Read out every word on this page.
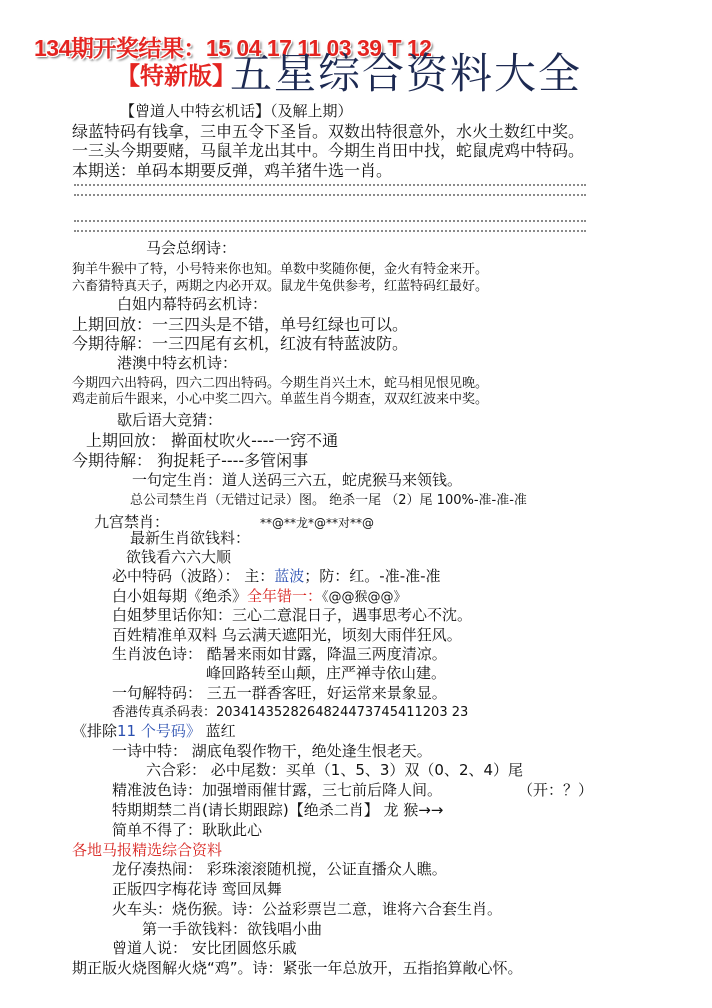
134期开奖结果：15 04 17 11 03 39 T 12
【特新版】
五星综合资料大全
【曾道人中特玄机话】（及解上期）
绿蓝特码有钱拿，三申五令下圣旨。双数出特很意外，水火土数红中奖。
一三头今期要赌，马鼠羊龙出其中。今期生肖田中找，蛇鼠虎鸡中特码。
本期送：单码本期要反弹，鸡羊猪牛选一肖。
马会总纲诗：
狗羊牛猴中了特，小号特来你也知。单数中奖随你便，金火有特金来开。
六畜猜特真天子，两期之内必开双。鼠龙牛兔供参考，红蓝特码红最好。
白姐内幕特码玄机诗：
上期回放：一三四头是不错，单号红绿也可以。
今期待解：一三四尾有玄机，红波有特蓝波防。
港澳中特玄机诗：
今期四六出特码，四六二四出特码。今期生肖兴土木，蛇马相见恨见晚。
鸡走前后牛跟来，小心中奖二四六。单蓝生肖今期查，双双红波来中奖。
歇后语大竞猜：
上期回放： 擀面杖吹火----一窍不通
今期待解： 狗捉耗子----多管闲事
一句定生肖：道人送码三六五，蛇虎猴马来领钱。
总公司禁生肖（无错过记录）图。 绝杀一尾 （2）尾 100%-准-准-准
九宫禁肖：	**@**龙*@**对**@
最新生肖欲钱料：
欲钱看六六大顺
必中特码（波路）： 主：蓝波；防：红。-准-准-准
白小姐每期《绝杀》全年错一：《@@猴@@》
白姐梦里话你知：三心二意混日子，遇事思考心不沈。
百姓精准单双料 乌云满天遮阳光，顷刻大雨伴狂风。
生肖波色诗： 酷暑来雨如甘露，降温三两度清凉。
峰回路转至山颠，庄严禅寺依山建。
一句解特码： 三五一群香客旺，好运常来景象显。
香港传真杀码表：2034143528264824473745411203 23
《排除11 个号码》 蓝红
一诗中特： 湖底龟裂作物干，绝处逢生恨老天。
六合彩： 必中尾数：买单（1、5、3）双（0、2、4）尾
精准波色诗：加强增雨催甘露，三七前后降人间。	（开：？）
特期期禁二肖(请长期跟踪)【绝杀二肖】 龙 猴→→
简单不得了：耿耿此心
各地马报精选综合资料
龙仔凑热闹： 彩珠滚滚随机搅，公证直播众人瞧。
正版四字梅花诗 鸾回凤舞
火车头：烧伤猴。诗：公益彩票岂二意，谁将六合套生肖。
第一手欲钱料：欲钱唱小曲
曾道人说： 安比团圆悠乐戚
期正版火烧图解火烧“鸡”。诗：紧张一年总放开，五指掐算敞心怀。
